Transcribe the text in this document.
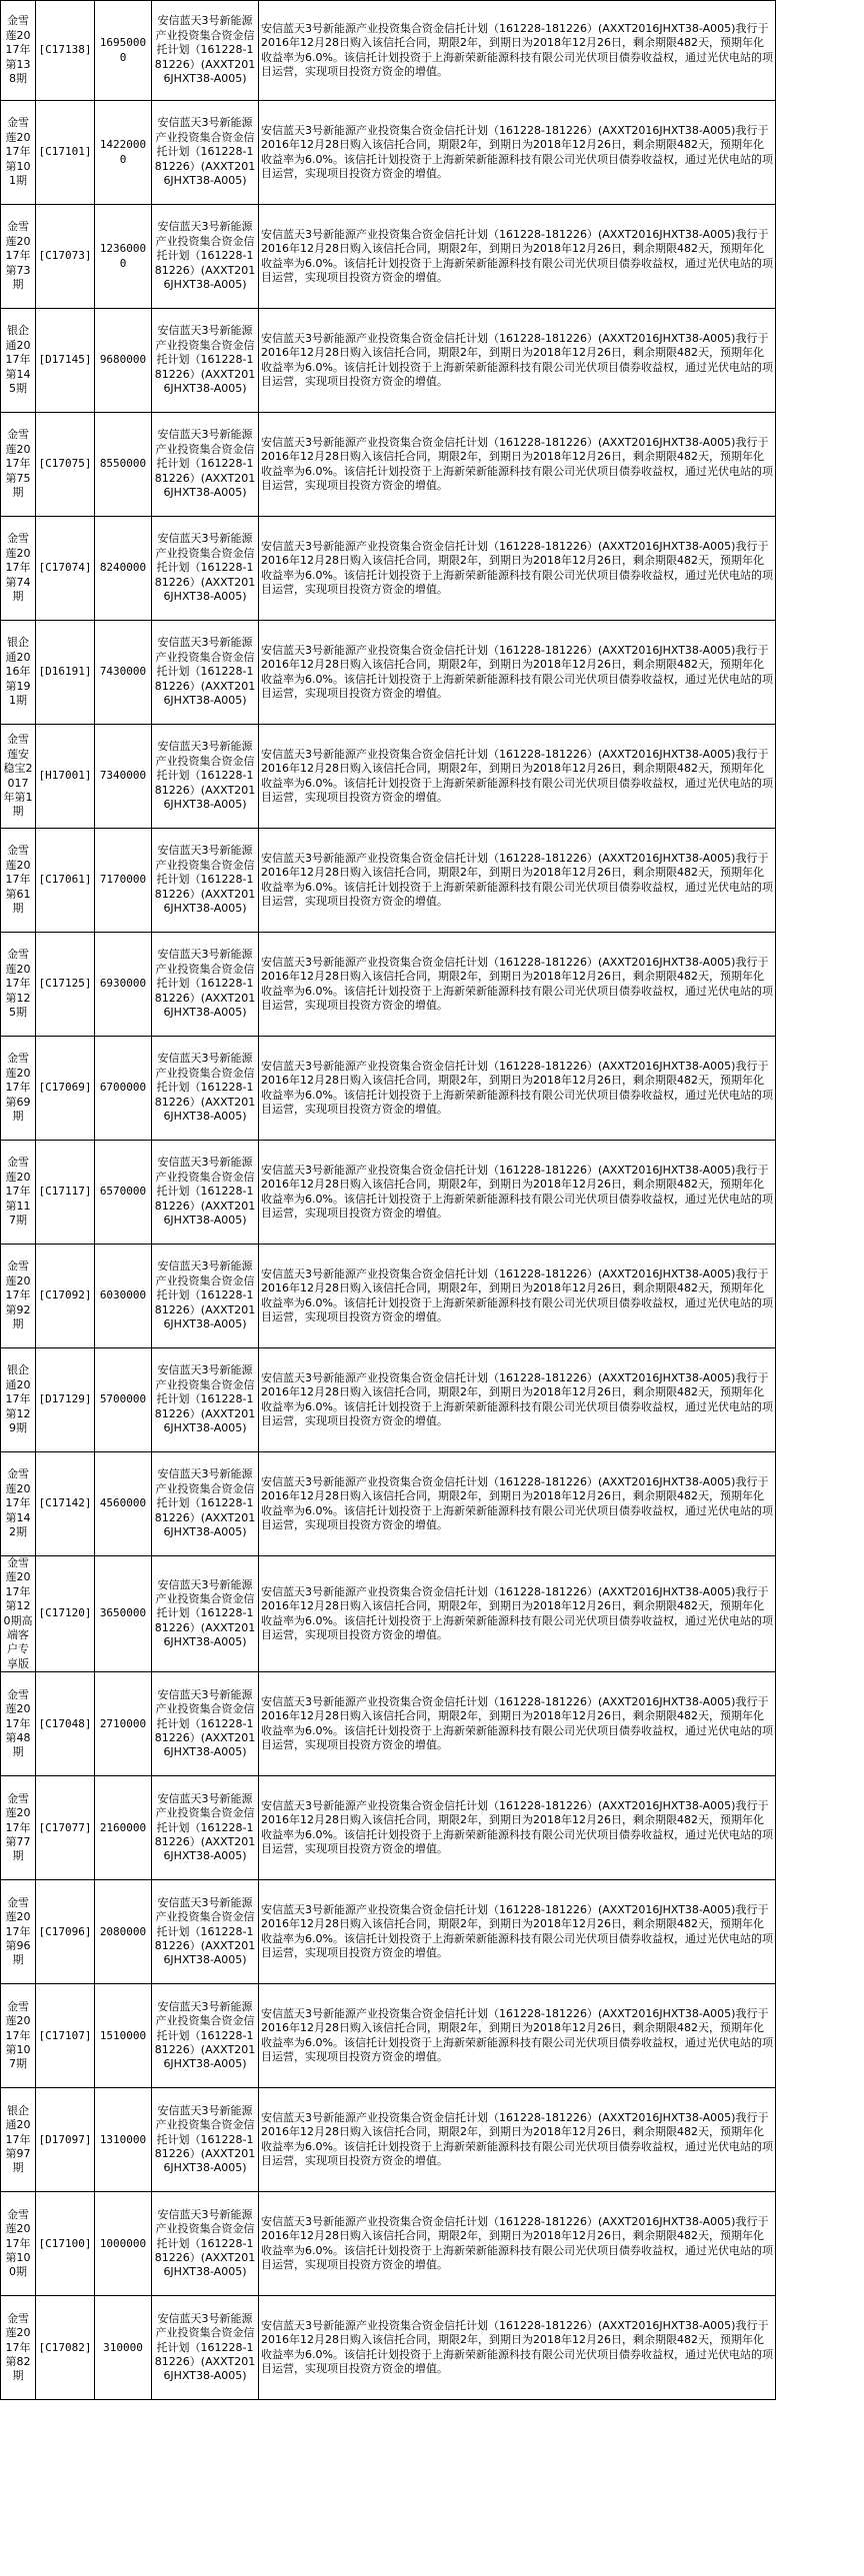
金雪莲2017年第138期	[C17138]	16950000	安信蓝天3号新能源产业投资集合资金信托计划（161228-181226）(AXXT2016JHXT38-A005)	安信蓝天3号新能源产业投资集合资金信托计划（161228-181226）(AXXT2016JHXT38-A005)我行于2016年12月28日购入该信托合同，期限2年，到期日为2018年12月26日，剩余期限482天，预期年化收益率为6.0%。该信托计划投资于上海新荣新能源科技有限公司光伏项目债券收益权，通过光伏电站的项目运营，实现项目投资方资金的增值。

金雪莲2017年第101期	[C17101]	14220000	安信蓝天3号新能源产业投资集合资金信托计划（161228-181226）(AXXT2016JHXT38-A005)	安信蓝天3号新能源产业投资集合资金信托计划（161228-181226）(AXXT2016JHXT38-A005)我行于2016年12月28日购入该信托合同，期限2年，到期日为2018年12月26日，剩余期限482天，预期年化收益率为6.0%。该信托计划投资于上海新荣新能源科技有限公司光伏项目债券收益权，通过光伏电站的项目运营，实现项目投资方资金的增值。

金雪莲2017年第73期	[C17073]	12360000	安信蓝天3号新能源产业投资集合资金信托计划（161228-181226）(AXXT2016JHXT38-A005)	安信蓝天3号新能源产业投资集合资金信托计划（161228-181226）(AXXT2016JHXT38-A005)我行于2016年12月28日购入该信托合同，期限2年，到期日为2018年12月26日，剩余期限482天，预期年化收益率为6.0%。该信托计划投资于上海新荣新能源科技有限公司光伏项目债券收益权，通过光伏电站的项目运营，实现项目投资方资金的增值。

银企通2017年第145期	[D17145]	9680000	安信蓝天3号新能源产业投资集合资金信托计划（161228-181226）(AXXT2016JHXT38-A005)	安信蓝天3号新能源产业投资集合资金信托计划（161228-181226）(AXXT2016JHXT38-A005)我行于2016年12月28日购入该信托合同，期限2年，到期日为2018年12月26日，剩余期限482天，预期年化收益率为6.0%。该信托计划投资于上海新荣新能源科技有限公司光伏项目债券收益权，通过光伏电站的项目运营，实现项目投资方资金的增值。

金雪莲2017年第75期	[C17075]	8550000	安信蓝天3号新能源产业投资集合资金信托计划（161228-181226）(AXXT2016JHXT38-A005)	安信蓝天3号新能源产业投资集合资金信托计划（161228-181226）(AXXT2016JHXT38-A005)我行于2016年12月28日购入该信托合同，期限2年，到期日为2018年12月26日，剩余期限482天，预期年化收益率为6.0%。该信托计划投资于上海新荣新能源科技有限公司光伏项目债券收益权，通过光伏电站的项目运营，实现项目投资方资金的增值。

金雪莲2017年第74期	[C17074]	8240000	安信蓝天3号新能源产业投资集合资金信托计划（161228-181226）(AXXT2016JHXT38-A005)	安信蓝天3号新能源产业投资集合资金信托计划（161228-181226）(AXXT2016JHXT38-A005)我行于2016年12月28日购入该信托合同，期限2年，到期日为2018年12月26日，剩余期限482天，预期年化收益率为6.0%。该信托计划投资于上海新荣新能源科技有限公司光伏项目债券收益权，通过光伏电站的项目运营，实现项目投资方资金的增值。

银企通2016年第191期	[D16191]	7430000	安信蓝天3号新能源产业投资集合资金信托计划（161228-181226）(AXXT2016JHXT38-A005)	安信蓝天3号新能源产业投资集合资金信托计划（161228-181226）(AXXT2016JHXT38-A005)我行于2016年12月28日购入该信托合同，期限2年，到期日为2018年12月26日，剩余期限482天，预期年化收益率为6.0%。该信托计划投资于上海新荣新能源科技有限公司光伏项目债券收益权，通过光伏电站的项目运营，实现项目投资方资金的增值。

金雪莲安稳宝2017年第1期	[H17001]	7340000	安信蓝天3号新能源产业投资集合资金信托计划（161228-181226）(AXXT2016JHXT38-A005)	安信蓝天3号新能源产业投资集合资金信托计划（161228-181226）(AXXT2016JHXT38-A005)我行于2016年12月28日购入该信托合同，期限2年，到期日为2018年12月26日，剩余期限482天，预期年化收益率为6.0%。该信托计划投资于上海新荣新能源科技有限公司光伏项目债券收益权，通过光伏电站的项目运营，实现项目投资方资金的增值。

金雪莲2017年第61期	[C17061]	7170000	安信蓝天3号新能源产业投资集合资金信托计划（161228-181226）(AXXT2016JHXT38-A005)	安信蓝天3号新能源产业投资集合资金信托计划（161228-181226）(AXXT2016JHXT38-A005)我行于2016年12月28日购入该信托合同，期限2年，到期日为2018年12月26日，剩余期限482天，预期年化收益率为6.0%。该信托计划投资于上海新荣新能源科技有限公司光伏项目债券收益权，通过光伏电站的项目运营，实现项目投资方资金的增值。

金雪莲2017年第125期	[C17125]	6930000	安信蓝天3号新能源产业投资集合资金信托计划（161228-181226）(AXXT2016JHXT38-A005)	安信蓝天3号新能源产业投资集合资金信托计划（161228-181226）(AXXT2016JHXT38-A005)我行于2016年12月28日购入该信托合同，期限2年，到期日为2018年12月26日，剩余期限482天，预期年化收益率为6.0%。该信托计划投资于上海新荣新能源科技有限公司光伏项目债券收益权，通过光伏电站的项目运营，实现项目投资方资金的增值。

金雪莲2017年第69期	[C17069]	6700000	安信蓝天3号新能源产业投资集合资金信托计划（161228-181226）(AXXT2016JHXT38-A005)	安信蓝天3号新能源产业投资集合资金信托计划（161228-181226）(AXXT2016JHXT38-A005)我行于2016年12月28日购入该信托合同，期限2年，到期日为2018年12月26日，剩余期限482天，预期年化收益率为6.0%。该信托计划投资于上海新荣新能源科技有限公司光伏项目债券收益权，通过光伏电站的项目运营，实现项目投资方资金的增值。

金雪莲2017年第117期	[C17117]	6570000	安信蓝天3号新能源产业投资集合资金信托计划（161228-181226）(AXXT2016JHXT38-A005)	安信蓝天3号新能源产业投资集合资金信托计划（161228-181226）(AXXT2016JHXT38-A005)我行于2016年12月28日购入该信托合同，期限2年，到期日为2018年12月26日，剩余期限482天，预期年化收益率为6.0%。该信托计划投资于上海新荣新能源科技有限公司光伏项目债券收益权，通过光伏电站的项目运营，实现项目投资方资金的增值。

金雪莲2017年第92期	[C17092]	6030000	安信蓝天3号新能源产业投资集合资金信托计划（161228-181226）(AXXT2016JHXT38-A005)	安信蓝天3号新能源产业投资集合资金信托计划（161228-181226）(AXXT2016JHXT38-A005)我行于2016年12月28日购入该信托合同，期限2年，到期日为2018年12月26日，剩余期限482天，预期年化收益率为6.0%。该信托计划投资于上海新荣新能源科技有限公司光伏项目债券收益权，通过光伏电站的项目运营，实现项目投资方资金的增值。

银企通2017年第129期	[D17129]	5700000	安信蓝天3号新能源产业投资集合资金信托计划（161228-181226）(AXXT2016JHXT38-A005)	安信蓝天3号新能源产业投资集合资金信托计划（161228-181226）(AXXT2016JHXT38-A005)我行于2016年12月28日购入该信托合同，期限2年，到期日为2018年12月26日，剩余期限482天，预期年化收益率为6.0%。该信托计划投资于上海新荣新能源科技有限公司光伏项目债券收益权，通过光伏电站的项目运营，实现项目投资方资金的增值。

金雪莲2017年第142期	[C17142]	4560000	安信蓝天3号新能源产业投资集合资金信托计划（161228-181226）(AXXT2016JHXT38-A005)	安信蓝天3号新能源产业投资集合资金信托计划（161228-181226）(AXXT2016JHXT38-A005)我行于2016年12月28日购入该信托合同，期限2年，到期日为2018年12月26日，剩余期限482天，预期年化收益率为6.0%。该信托计划投资于上海新荣新能源科技有限公司光伏项目债券收益权，通过光伏电站的项目运营，实现项目投资方资金的增值。

金雪莲2017年第120期高端客户专享版	[C17120]	3650000	安信蓝天3号新能源产业投资集合资金信托计划（161228-181226）(AXXT2016JHXT38-A005)	安信蓝天3号新能源产业投资集合资金信托计划（161228-181226）(AXXT2016JHXT38-A005)我行于2016年12月28日购入该信托合同，期限2年，到期日为2018年12月26日，剩余期限482天，预期年化收益率为6.0%。该信托计划投资于上海新荣新能源科技有限公司光伏项目债券收益权，通过光伏电站的项目运营，实现项目投资方资金的增值。

金雪莲2017年第48期	[C17048]	2710000	安信蓝天3号新能源产业投资集合资金信托计划（161228-181226）(AXXT2016JHXT38-A005)	安信蓝天3号新能源产业投资集合资金信托计划（161228-181226）(AXXT2016JHXT38-A005)我行于2016年12月28日购入该信托合同，期限2年，到期日为2018年12月26日，剩余期限482天，预期年化收益率为6.0%。该信托计划投资于上海新荣新能源科技有限公司光伏项目债券收益权，通过光伏电站的项目运营，实现项目投资方资金的增值。

金雪莲2017年第77期	[C17077]	2160000	安信蓝天3号新能源产业投资集合资金信托计划（161228-181226）(AXXT2016JHXT38-A005)	安信蓝天3号新能源产业投资集合资金信托计划（161228-181226）(AXXT2016JHXT38-A005)我行于2016年12月28日购入该信托合同，期限2年，到期日为2018年12月26日，剩余期限482天，预期年化收益率为6.0%。该信托计划投资于上海新荣新能源科技有限公司光伏项目债券收益权，通过光伏电站的项目运营，实现项目投资方资金的增值。

金雪莲2017年第96期	[C17096]	2080000	安信蓝天3号新能源产业投资集合资金信托计划（161228-181226）(AXXT2016JHXT38-A005)	安信蓝天3号新能源产业投资集合资金信托计划（161228-181226）(AXXT2016JHXT38-A005)我行于2016年12月28日购入该信托合同，期限2年，到期日为2018年12月26日，剩余期限482天，预期年化收益率为6.0%。该信托计划投资于上海新荣新能源科技有限公司光伏项目债券收益权，通过光伏电站的项目运营，实现项目投资方资金的增值。

金雪莲2017年第107期	[C17107]	1510000	安信蓝天3号新能源产业投资集合资金信托计划（161228-181226）(AXXT2016JHXT38-A005)	安信蓝天3号新能源产业投资集合资金信托计划（161228-181226）(AXXT2016JHXT38-A005)我行于2016年12月28日购入该信托合同，期限2年，到期日为2018年12月26日，剩余期限482天，预期年化收益率为6.0%。该信托计划投资于上海新荣新能源科技有限公司光伏项目债券收益权，通过光伏电站的项目运营，实现项目投资方资金的增值。

银企通2017年第97期	[D17097]	1310000	安信蓝天3号新能源产业投资集合资金信托计划（161228-181226）(AXXT2016JHXT38-A005)	安信蓝天3号新能源产业投资集合资金信托计划（161228-181226）(AXXT2016JHXT38-A005)我行于2016年12月28日购入该信托合同，期限2年，到期日为2018年12月26日，剩余期限482天，预期年化收益率为6.0%。该信托计划投资于上海新荣新能源科技有限公司光伏项目债券收益权，通过光伏电站的项目运营，实现项目投资方资金的增值。

金雪莲2017年第100期	[C17100]	1000000	安信蓝天3号新能源产业投资集合资金信托计划（161228-181226）(AXXT2016JHXT38-A005)	安信蓝天3号新能源产业投资集合资金信托计划（161228-181226）(AXXT2016JHXT38-A005)我行于2016年12月28日购入该信托合同，期限2年，到期日为2018年12月26日，剩余期限482天，预期年化收益率为6.0%。该信托计划投资于上海新荣新能源科技有限公司光伏项目债券收益权，通过光伏电站的项目运营，实现项目投资方资金的增值。

金雪莲2017年第82期	[C17082]	310000	安信蓝天3号新能源产业投资集合资金信托计划（161228-181226）(AXXT2016JHXT38-A005)	安信蓝天3号新能源产业投资集合资金信托计划（161228-181226）(AXXT2016JHXT38-A005)我行于2016年12月28日购入该信托合同，期限2年，到期日为2018年12月26日，剩余期限482天，预期年化收益率为6.0%。该信托计划投资于上海新荣新能源科技有限公司光伏项目债券收益权，通过光伏电站的项目运营，实现项目投资方资金的增值。
